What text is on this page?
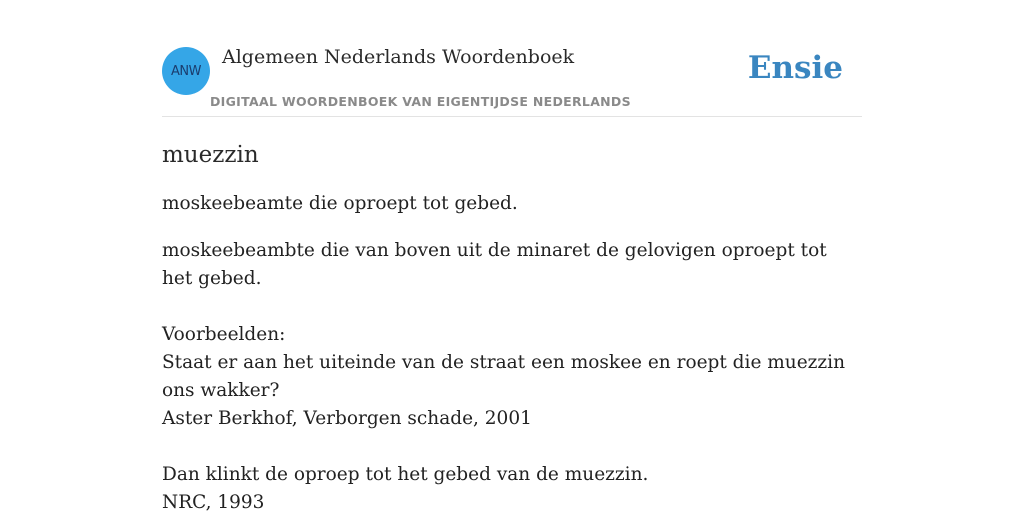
ANW
Algemeen Nederlands Woordenboek
DIGITAAL WOORDENBOEK VAN EIGENTIJDSE NEDERLANDS
Ensie
muezzin

moskeebeamte die oproept tot gebed.

moskeebeambte die van boven uit de minaret de gelovigen oproept tot het gebed.
Voorbeelden:
Staat er aan het uiteinde van de straat een moskee en roept die muezzin ons wakker?
Aster Berkhof, Verborgen schade, 2001
Dan klinkt de oproep tot het gebed van de muezzin.
NRC, 1993
